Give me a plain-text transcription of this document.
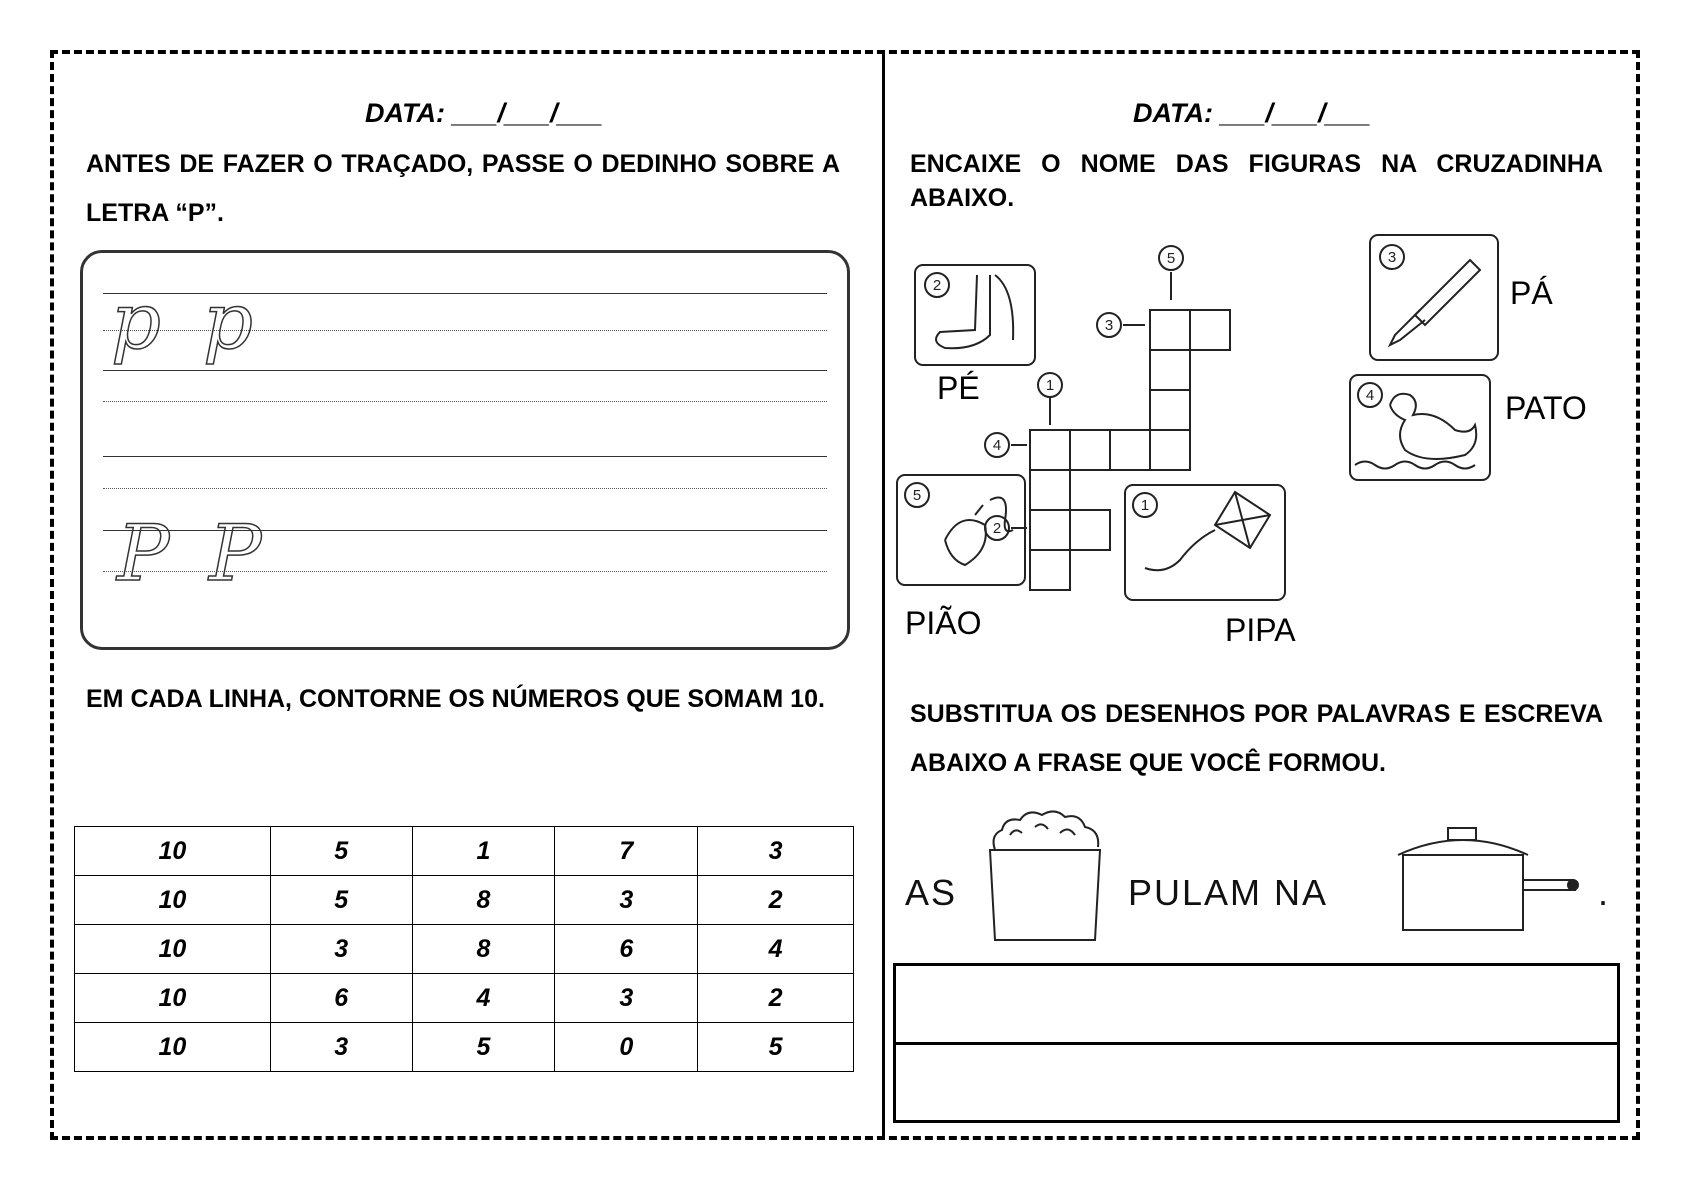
DATA: ___/___/___
ANTES DE FAZER O TRAÇADO, PASSE O DEDINHO SOBRE A LETRA “P”.
p p
P P
EM CADA LINHA, CONTORNE OS NÚMEROS QUE SOMAM 10.
10	5	1	7	3
10	5	8	3	2
10	3	8	6	4
10	6	4	3	2
10	3	5	0	5
DATA: ___/___/___
ENCAIXE O NOME DAS FIGURAS NA CRUZADINHA ABAIXO.
2
3
4
5
1
5
3
1
4
2
PÉ
PÁ
PATO
PIÃO	PIPA
SUBSTITUA OS DESENHOS POR PALAVRAS E ESCREVA ABAIXO A FRASE QUE VOCÊ FORMOU.
AS	PULAM NA	.
